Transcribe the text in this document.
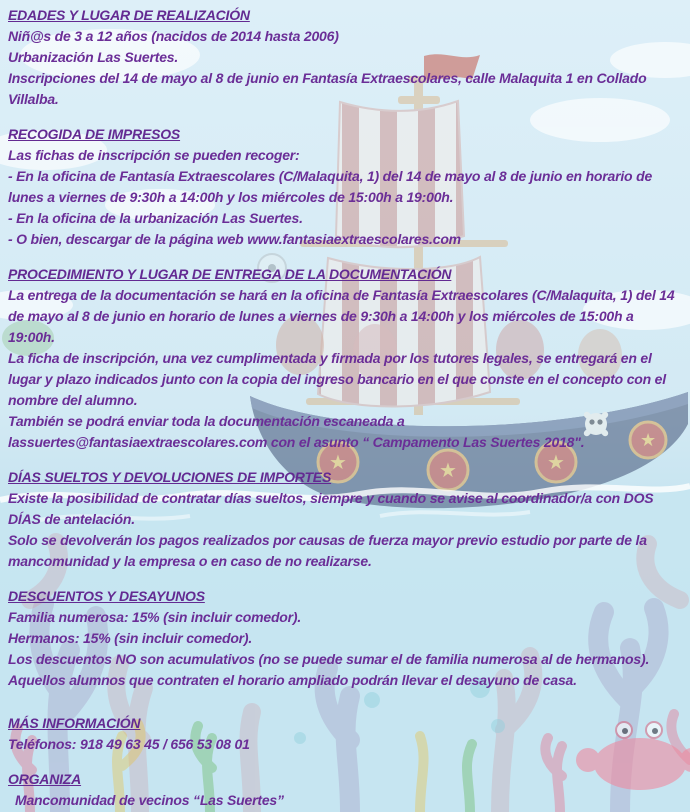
★	★	★
★
EDADES Y LUGAR DE REALIZACIÓN

Niñ@s de 3 a 12 años (nacidos de 2014 hasta 2006)

Urbanización Las Suertes.

Inscripciones del 14 de mayo al 8 de junio en Fantasía Extraescolares, calle Malaquita 1 en Collado Villalba.

RECOGIDA DE IMPRESOS

Las fichas de inscripción se pueden recoger:

- En la oficina de Fantasía Extraescolares (C/Malaquita, 1) del 14 de mayo al 8 de junio en horario de lunes a viernes de 9:30h a 14:00h y los miércoles de 15:00h a 19:00h.

- En la oficina de la urbanización Las Suertes.

- O bien, descargar de la página web www.fantasiaextraescolares.com

PROCEDIMIENTO Y LUGAR DE ENTREGA DE LA DOCUMENTACIÓN

La entrega de la documentación se hará en la oficina de Fantasía Extraescolares (C/Malaquita, 1) del 14 de mayo al 8 de junio en horario de lunes a viernes de 9:30h a 14:00h y los miércoles de 15:00h a 19:00h.

La ficha de inscripción, una vez cumplimentada y firmada por los tutores legales, se entregará en el lugar y plazo indicados junto con la copia del ingreso bancario en el que conste en el concepto con el nombre del alumno.

También se podrá enviar toda la documentación escaneada a

lassuertes@fantasiaextraescolares.com con el asunto “ Campamento Las Suertes 2018".

DÍAS SUELTOS Y DEVOLUCIONES DE IMPORTES

Existe la posibilidad de contratar días sueltos, siempre y cuando se avise al coordinador/a con DOS DÍAS de antelación.

Solo se devolverán los pagos realizados por causas de fuerza mayor previo estudio por parte de la mancomunidad y la empresa o en caso de no realizarse.

DESCUENTOS Y DESAYUNOS

Familia numerosa: 15% (sin incluir comedor).

Hermanos: 15% (sin incluir comedor).

Los descuentos NO son acumulativos (no se puede sumar el de familia numerosa al de hermanos).

Aquellos alumnos que contraten el horario ampliado podrán llevar el desayuno de casa.

MÁS INFORMACIÓN

Teléfonos: 918 49 63 45 / 656 53 08 01

ORGANIZA

Mancomunidad de vecinos “Las Suertes”
